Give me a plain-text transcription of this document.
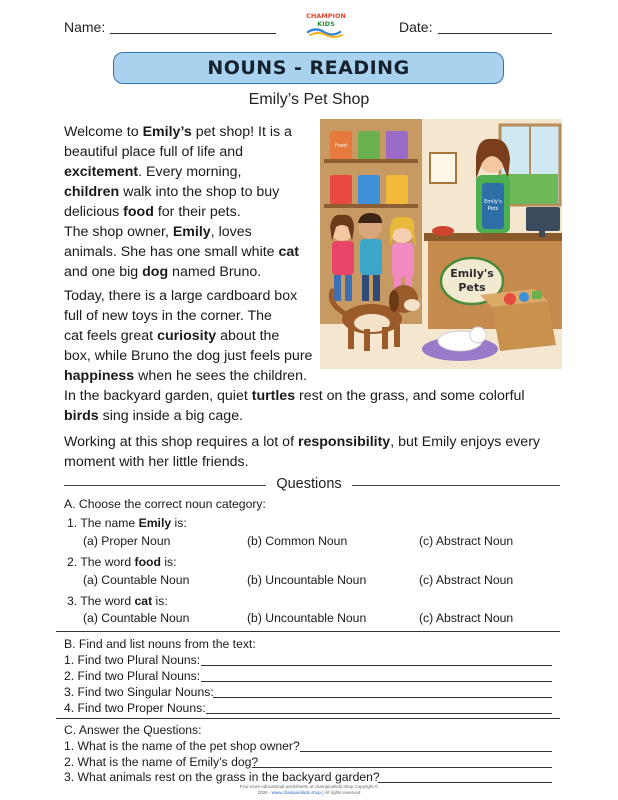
Name:
CHAMPION
KIDS	Date:
NOUNS - READING
Emily’s Pet Shop
Welcome to Emily’s pet shop! It is a
beautiful place full of life and
excitement. Every morning,
children walk into the shop to buy
delicious food for their pets.
The shop owner, Emily, loves
animals. She has one small white cat
and one big dog named Bruno.
Today, there is a large cardboard box
full of new toys in the corner. The
cat feels great curiosity about the
box, while Bruno the dog just feels pure
happiness when he sees the children.
In the backyard garden, quiet turtles rest on the grass, and some colorful
birds sing inside a big cage.
Working at this shop requires a lot of responsibility, but Emily enjoys every
moment with her little friends.
Food
Emily's
Pets
Emily's
Pets
Questions
A. Choose the correct noun category:
1. The name Emily is:
(a) Proper Noun	(b) Common Noun	(c) Abstract Noun
2. The word food is:
(a) Countable Noun	(b) Uncountable Noun	(c) Abstract Noun
3. The word cat is:
(a) Countable Noun	(b) Uncountable Noun	(c) Abstract Noun
B. Find and list nouns from the text:
1. Find two Plural Nouns:
2. Find two Plural Nouns:
3. Find two Singular Nouns:
4. Find two Proper Nouns:
C. Answer the Questions:
1. What is the name of the pet shop owner?
2. What is the name of Emily’s dog?
3. What animals rest on the grass in the backyard garden?
Find more educational worksheets at championkids.shop Copyright ©
2026 - www.championkids.shop | All rights reserved
